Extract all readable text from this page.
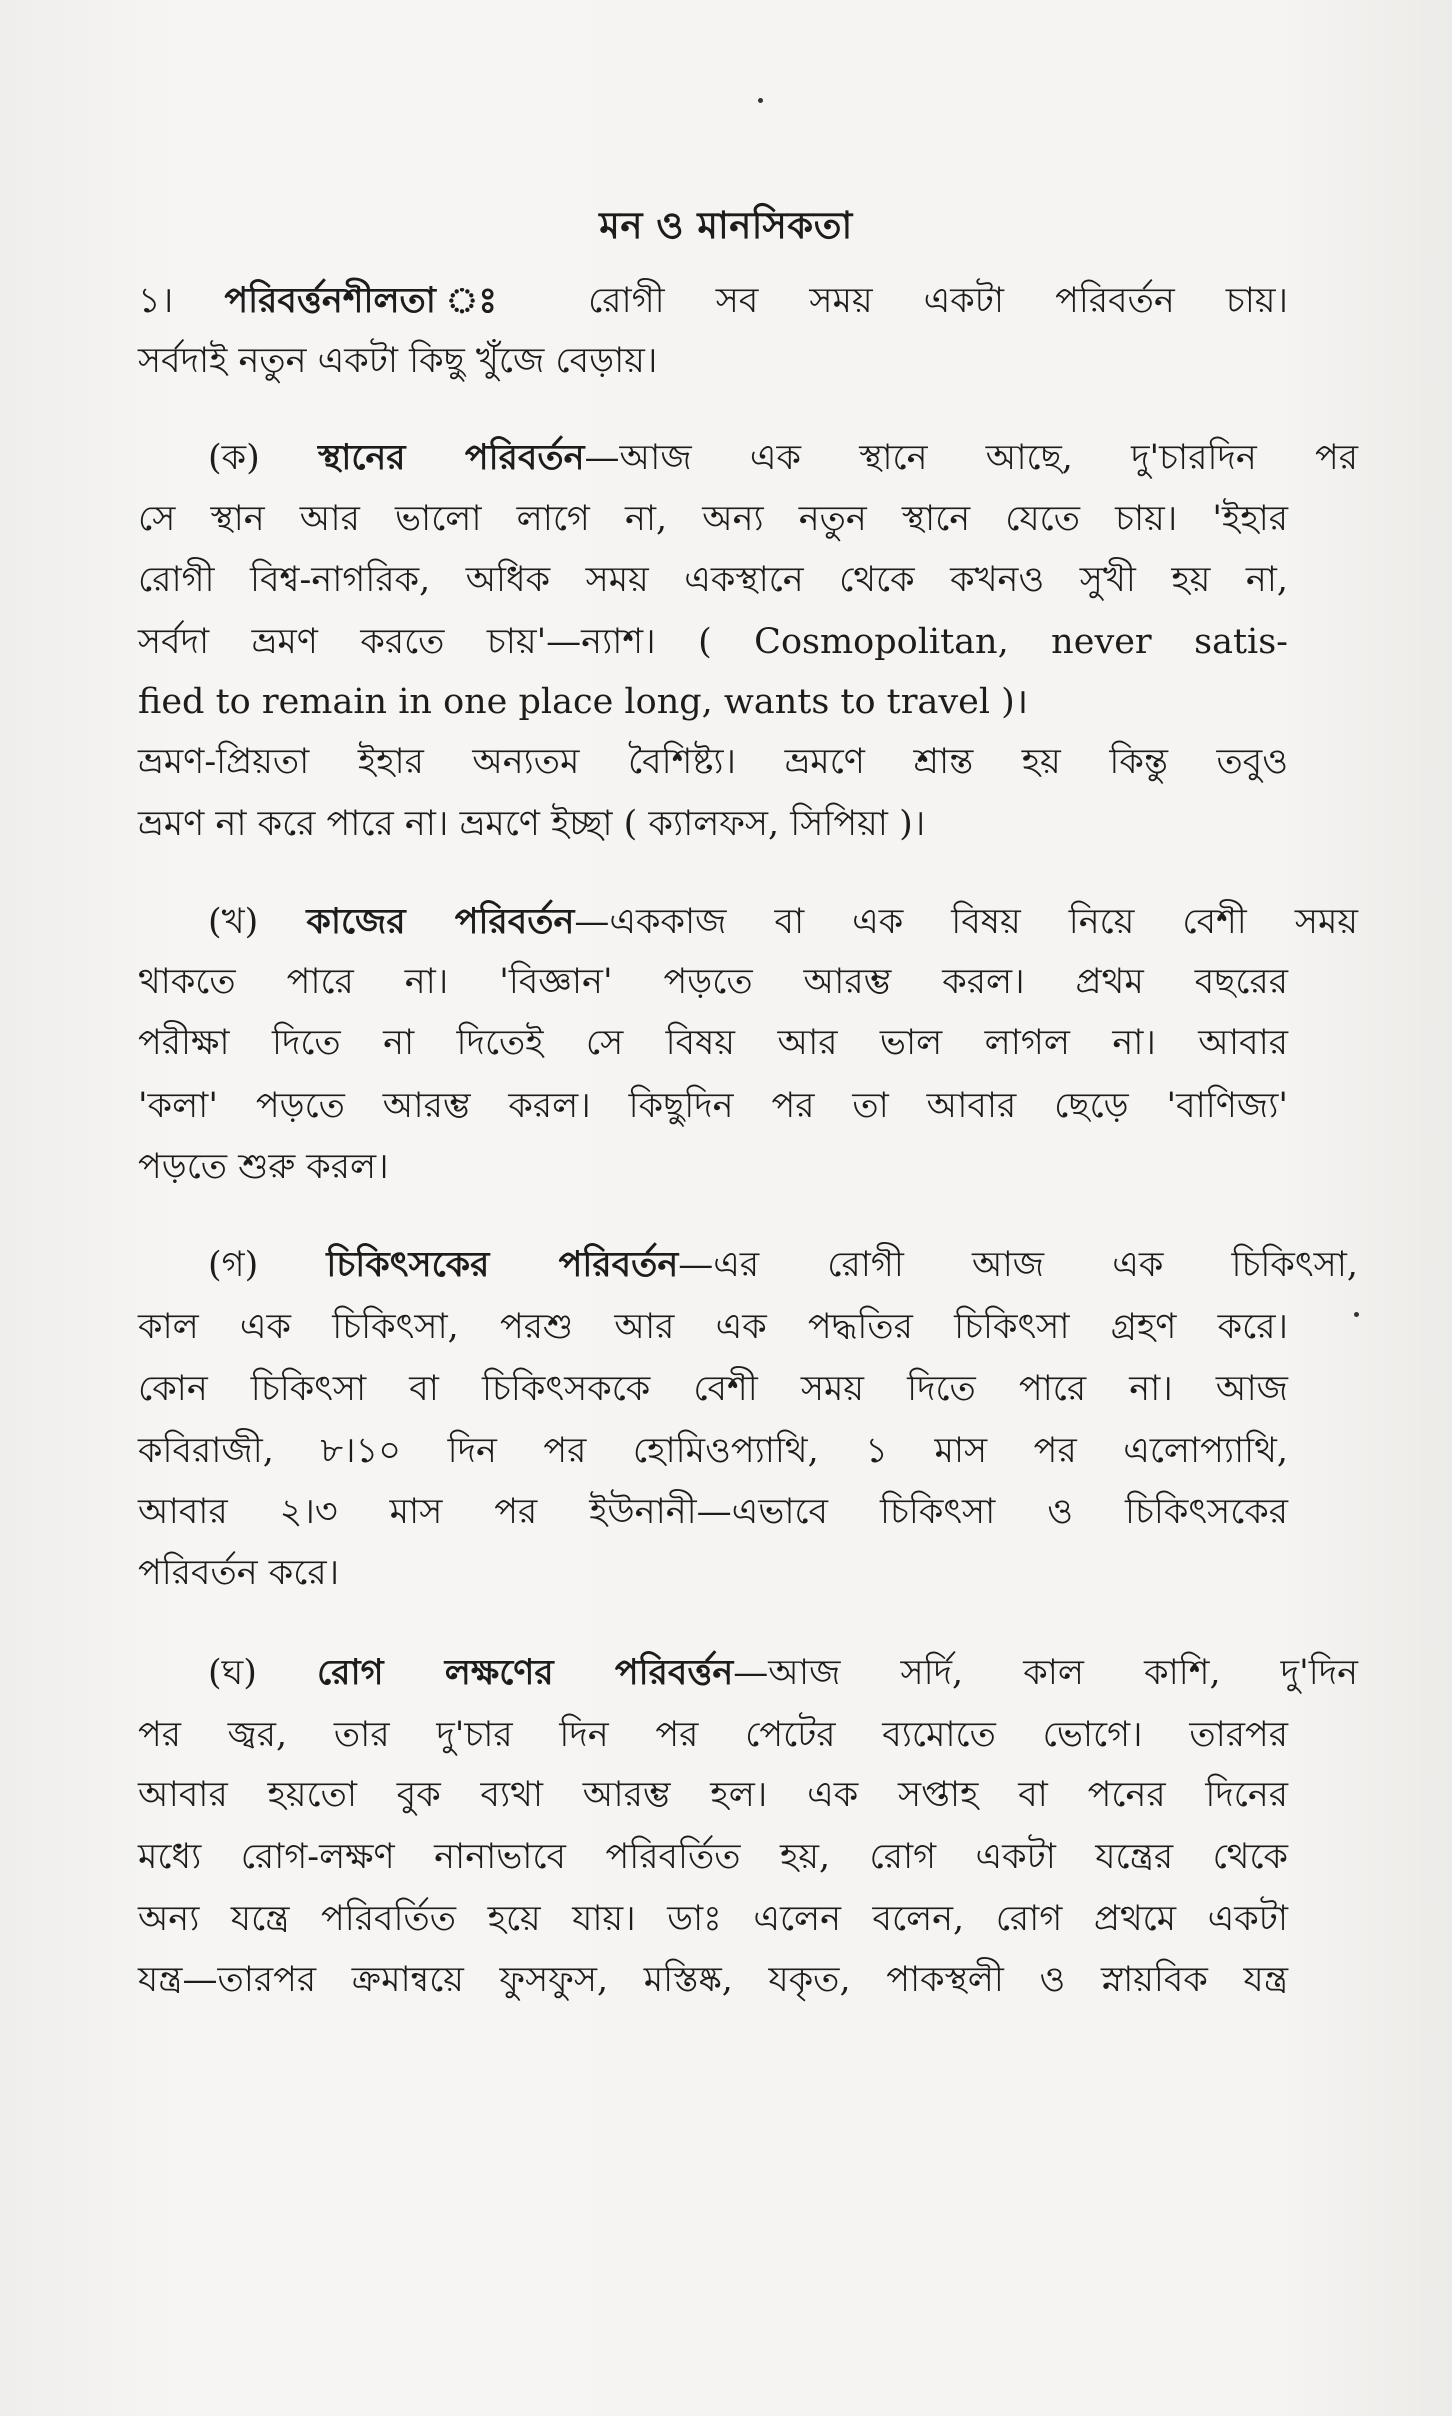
মন ও মানসিকতা
১। পরিবর্ত্তনশীলতা ঃ রোগী সব সময় একটা পরিবর্তন চায়।
সর্বদাই নতুন একটা কিছু খুঁজে বেড়ায়।
(ক) স্থানের পরিবর্তন—আজ এক স্থানে আছে, দু'চারদিন পর
সে স্থান আর ভালো লাগে না, অন্য নতুন স্থানে যেতে চায়। 'ইহার
রোগী বিশ্ব-নাগরিক, অধিক সময় একস্থানে থেকে কখনও সুখী হয় না,
সর্বদা ভ্রমণ করতে চায়'—ন্যাশ। ( Cosmopolitan, never satis-
fied to remain in one place long, wants to travel )।
ভ্রমণ-প্রিয়তা ইহার অন্যতম বৈশিষ্ট্য। ভ্রমণে শ্রান্ত হয় কিন্তু তবুও
ভ্রমণ না করে পারে না। ভ্রমণে ইচ্ছা ( ক্যালফস, সিপিয়া )।
(খ) কাজের পরিবর্তন—এককাজ বা এক বিষয় নিয়ে বেশী সময়
থাকতে পারে না। 'বিজ্ঞান' পড়তে আরম্ভ করল। প্রথম বছরের
পরীক্ষা দিতে না দিতেই সে বিষয় আর ভাল লাগল না। আবার
'কলা' পড়তে আরম্ভ করল। কিছুদিন পর তা আবার ছেড়ে 'বাণিজ্য'
পড়তে শুরু করল।
(গ) চিকিৎসকের পরিবর্তন—এর রোগী আজ এক চিকিৎসা,
কাল এক চিকিৎসা, পরশু আর এক পদ্ধতির চিকিৎসা গ্রহণ করে।
কোন চিকিৎসা বা চিকিৎসককে বেশী সময় দিতে পারে না। আজ
কবিরাজী, ৮।১০ দিন পর হোমিওপ্যাথি, ১ মাস পর এলোপ্যাথি,
আবার ২।৩ মাস পর ইউনানী—এভাবে চিকিৎসা ও চিকিৎসকের
পরিবর্তন করে।
(ঘ) রোগ লক্ষণের পরিবর্ত্তন—আজ সর্দি, কাল কাশি, দু'দিন
পর জ্বর, তার দু'চার দিন পর পেটের ব্যমোতে ভোগে। তারপর
আবার হয়তো বুক ব্যথা আরম্ভ হল। এক সপ্তাহ বা পনের দিনের
মধ্যে রোগ-লক্ষণ নানাভাবে পরিবর্তিত হয়, রোগ একটা যন্ত্রের থেকে
অন্য যন্ত্রে পরিবর্তিত হয়ে যায়। ডাঃ এলেন বলেন, রোগ প্রথমে একটা
যন্ত্র—তারপর ক্রমান্বয়ে ফুসফুস, মস্তিষ্ক, যকৃত, পাকস্থলী ও স্নায়বিক যন্ত্র
